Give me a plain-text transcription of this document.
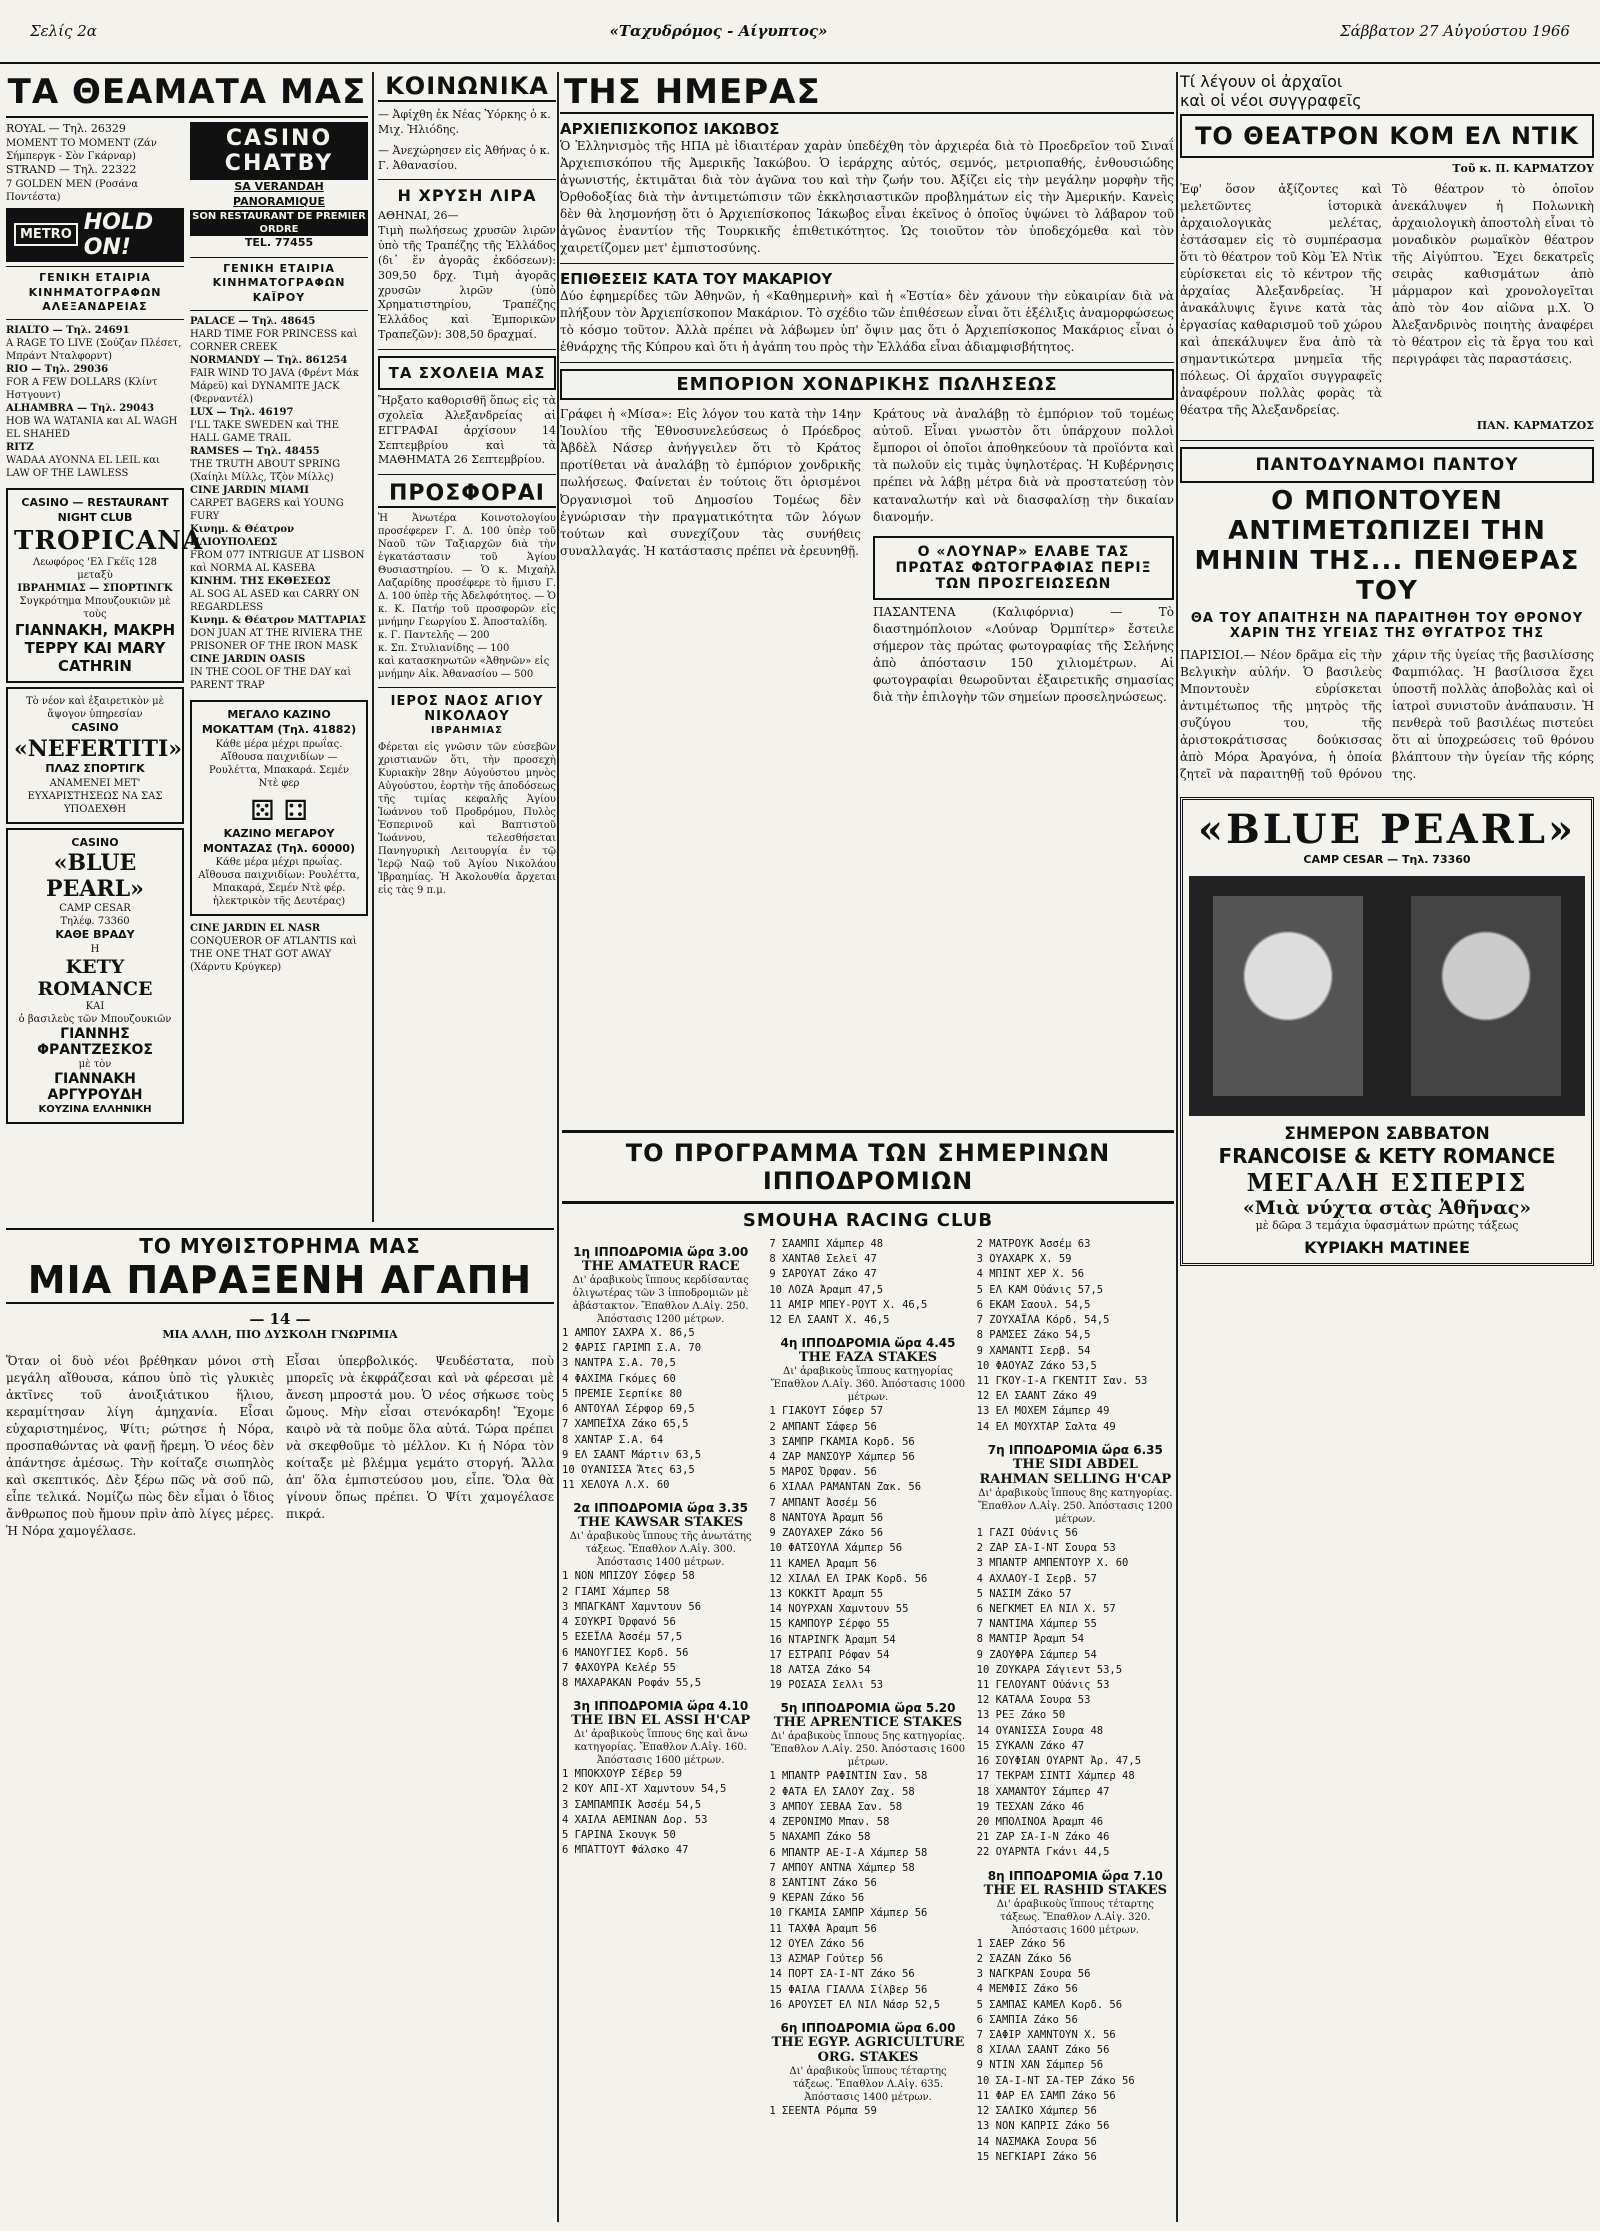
Σελίς 2α	«Ταχυδρόμος - Αίγυπτος»	Σάββατον 27 Αὐγούστου 1966
ΤΑ ΘΕΑΜΑΤΑ ΜΑΣ
ROYAL — Τηλ. 26329
MOMENT TO MOMENT (Ζάν Σήμπεργκ - Σὸν Γκάρναρ)
STRAND — Τηλ. 22322
7 GOLDEN MEN (Ροσάνα Ποντέστα)
METRO HOLD ON!
ΓΕΝΙΚΗ ΕΤΑΙΡΙΑ ΚΙΝΗΜΑΤΟΓΡΑΦΩΝ ΑΛΕΞΑΝΔΡΕΙΑΣ
RIALTO — Τηλ. 24691
A RAGE TO LIVE (Σούζαν Πλέσετ, Μπράντ Νταλφορντ)
RIO — Τηλ. 29036
FOR A FEW DOLLARS (Κλίντ Ηστγουντ)
ALHAMBRA — Τηλ. 29043
HOB WA WATANIA και AL WAGH EL SHAHED
RITZ
WADAA AYONNA EL LEIL και LAW OF THE LAWLESS
CASINO — RESTAURANT NIGHT CLUB
TROPICANA
Λεωφόρος 'Ελ Γκέϊς 128 μεταξὺ
ΙΒΡΑΗΜΙΑΣ — ΣΠΟΡΤΙΝΓΚ
Συγκρότημα Μπουζουκιῶν μὲ τοὺς
ΓΙΑΝΝΑΚΗ, ΜΑΚΡΗ ΤΕΡΡΥ ΚΑΙ MARY CATHRIN
Τὸ νέον καὶ ἐξαιρετικὸν μὲ ἄψογον ὑπηρεσίαν
CASINO
«NEFERTITI»
ΠΛΑΖ ΣΠΟΡΤΙΓΚ
ΑΝΑΜΕΝΕΙ ΜΕΤ' ΕΥΧΑΡΙΣΤΗΣΕΩΣ ΝΑ ΣΑΣ ΥΠΟΔΕΧΘΗ
CASINO
«BLUE PEARL»
CAMP CESAR
Τηλέφ. 73360
ΚΑΘΕ ΒΡΑΔΥ
Η
KETY ROMANCE
ΚΑΙ
ὁ βασιλεὺς τῶν Μπουζουκιῶν
ΓΙΑΝΝΗΣ ΦΡΑΝΤΖΕΣΚΟΣ
μὲ τὸν
ΓΙΑΝΝΑΚΗ ΑΡΓΥΡΟΥΔΗ
ΚΟΥΖΙΝΑ ΕΛΛΗΝΙΚΗ
CASINO CHATBY
SA VERANDAH PANORAMIQUE
SON RESTAURANT DE PREMIER ORDRE
TEL. 77455
ΓΕΝΙΚΗ ΕΤΑΙΡΙΑ ΚΙΝΗΜΑΤΟΓΡΑΦΩΝ ΚΑΪΡΟΥ
PALACE — Τηλ. 48645
HARD TIME FOR PRINCESS καὶ CORNER CREEK
NORMANDY — Τηλ. 861254
FAIR WIND TO JAVA (Φρέντ Μάκ Μάρεϋ) καὶ DYNAMITE JACK (Φερναντέλ)
LUX — Τηλ. 46197
I'LL TAKE SWEDEN καὶ THE HALL GAME TRAIL
RAMSES — Τηλ. 48455
THE TRUTH ABOUT SPRING (Χαίηλι Μίλλς, Τζὸν Μίλλς)
CINE JARDIN MIAMI
CARPET BAGERS καὶ YOUNG FURY
Κινημ. & Θέατρον ΗΛΙΟΥΠΟΛΕΩΣ
FROM 077 INTRIGUE AT LISBON καὶ NORMA AL KASEBA
ΚΙΝΗΜ. ΤΗΣ ΕΚΘΕΣΕΩΣ
AL SOG AL ASED και CARRY ON REGARDLESS
Κινημ. & Θέατρον ΜΑΤΤΑΡΙΑΣ
DON JUAN AT THE RIVIERA THE PRISONER OF THE IRON MASK
CINE JARDIN OASIS
IN THE COOL OF THE DAY καὶ PARENT TRAP
ΜΕΓΑΛΟ ΚΑΖΙΝΟ
ΜΟΚΑΤΤΑΜ (Τηλ. 41882)
Κάθε μέρα μέχρι πρωΐας. Αἴθουσα παιχνιδίων — Ρουλέττα, Μπακαρά. Σεμέν Ντὲ φερ
⚄ ⚃
ΚΑΖΙΝΟ ΜΕΓΑΡΟΥ
ΜΟΝΤΑΖΑΣ (Τηλ. 60000)
Κάθε μέρα μέχρι πρωΐας. Αἴθουσα παιχνιδίων: Ρουλέττα, Μπακαρά, Σεμέν Ντὲ φέρ. ἡλεκτρικὸν τῆς Δευτέρας)
CINE JARDIN EL NASR
CONQUEROR OF ATLANTIS καὶ THE ONE THAT GOT AWAY (Χάρντυ Κρύγκερ)
ΚΟΙΝΩΝΙΚΑ
— Ἀφίχθη ἐκ Νέας Ὑόρκης ὁ κ. Μιχ. Ἠλιόδης.
— Ἀνεχώρησεν εἰς Ἀθήνας ὁ κ. Γ. Ἀθανασίου.
Η ΧΡΥΣΗ ΛΙΡΑ
ΑΘΗΝΑΙ, 26—
Τιμὴ πωλήσεως χρυσῶν λιρῶν ὑπὸ τῆς Τραπέζης τῆς Ἑλλάδος (δι᾽ ἕν ἀγορᾶς ἐκδόσεων): 309,50 δρχ. Τιμὴ ἀγορᾶς χρυσῶν λιρῶν (ὑπὸ Χρηματιστηρίου, Τραπέζης Ἑλλάδος καὶ Ἐμπορικῶν Τραπεζῶν): 308,50 δραχμαί.
ΤΑ ΣΧΟΛΕΙΑ ΜΑΣ
Ἤρξατο καθορισθῆ ὅπως εἰς τὰ σχολεῖα Ἀλεξανδρείας αἱ ΕΓΓΡΑΦΑΙ ἀρχίσουν 14 Σεπτεμβρίου καὶ τὰ ΜΑΘΗΜΑΤΑ 26 Σεπτεμβρίου.
ΠΡΟΣΦΟΡΑΙ
Ἡ Ἀνωτέρα Κοινοτολογίου προσέφερεν Γ. Δ. 100 ὑπὲρ τοῦ Ναοῦ τῶν Ταξιαρχῶν διὰ τὴν ἐγκατάστασιν τοῦ Ἁγίου Θυσιαστηρίου. — Ὁ κ. Μιχαὴλ Λαζαρίδης προσέφερε τὸ ἥμισυ Γ. Δ. 100 ὑπὲρ τῆς Ἀδελφότητος. — Ὁ κ. Κ. Πατήρ τοῦ προσφορῶν εἰς μνήμην Γεωργίου Σ. Ἀποσταλίδη.
κ. Γ. Παντελῆς — 200
κ. Σπ. Στυλιανίδης — 100
καὶ κατασκηνωτῶν «Ἀθηνῶν» εἰς μνήμην Αἰκ. Ἀθανασίου — 500
ΙΕΡΟΣ ΝΑΟΣ ΑΓΙΟΥ ΝΙΚΟΛΑΟΥ
ΙΒΡΑΗΜΙΑΣ
Φέρεται εἰς γνῶσιν τῶν εὐσεβῶν χριστιανῶν ὅτι, τὴν προσεχὴ Κυριακὴν 28ην Αὐγούστου μηνὸς Αὐγούστου, ἑορτὴν τῆς ἀποδόσεως τῆς τιμίας κεφαλῆς Ἁγίου Ἰωάννου τοῦ Προδρόμου, Πυλὸς Ἑσπερινοῦ καὶ Βαπτιστοῦ Ἰωάννου, τελεσθήσεται Πανηγυρικὴ Λειτουργία ἐν τῷ Ἱερῷ Ναῷ τοῦ Ἁγίου Νικολάου Ἰβραημίας. Ἡ Ἀκολουθία ἄρχεται εἰς τὰς 9 π.μ.
ΤΗΣ ΗΜΕΡΑΣ
ΑΡΧΙΕΠΙΣΚΟΠΟΣ ΙΑΚΩΒΟΣ
Ὁ Ἑλληνισμὸς τῆς ΗΠΑ μὲ ἰδιαιτέραν χαρὰν ὑπεδέχθη τὸν ἀρχιερέα διὰ τὸ Προεδρεῖον τοῦ Σιναΐ Ἀρχιεπισκόπου τῆς Ἀμερικῆς Ἰακώβου. Ὁ ἱεράρχης αὐτός, σεμνός, μετριοπαθής, ἐνθουσιώδης ἀγωνιστής, ἐκτιμᾶται διὰ τὸν ἀγῶνα του καὶ τὴν ζωήν του. Ἀξίζει εἰς τὴν μεγάλην μορφὴν τῆς Ὀρθοδοξίας διὰ τὴν ἀντιμετώπισιν τῶν ἐκκλησιαστικῶν προβλημάτων εἰς τὴν Ἀμερικήν. Κανεὶς δὲν θὰ λησμονήσῃ ὅτι ὁ Ἀρχιεπίσκοπος Ἰάκωβος εἶναι ἐκεῖνος ὁ ὁποῖος ὑψώνει τὸ λάβαρον τοῦ ἀγῶνος ἐναντίον τῆς Τουρκικῆς ἐπιθετικότητος. Ὡς τοιοῦτον τὸν ὑποδεχόμεθα καὶ τὸν χαιρετίζομεν μετ' ἐμπιστοσύνης.
ΕΠΙΘΕΣΕΙΣ ΚΑΤΑ ΤΟΥ ΜΑΚΑΡΙΟΥ
Δύο ἐφημερίδες τῶν Ἀθηνῶν, ἡ «Καθημερινὴ» καὶ ἡ «Ἑστία» δὲν χάνουν τὴν εὐκαιρίαν διὰ νὰ πλήξουν τὸν Ἀρχιεπίσκοπον Μακάριον. Τὸ σχέδιο τῶν ἐπιθέσεων εἶναι ὅτι ἐξέλιξις ἀναμορφώσεως τὸ κόσμο τοῦτον. Ἀλλὰ πρέπει νὰ λάβωμεν ὑπ' ὄψιν μας ὅτι ὁ Ἀρχιεπίσκοπος Μακάριος εἶναι ὁ ἐθνάρχης τῆς Κύπρου καὶ ὅτι ἡ ἀγάπη του πρὸς τὴν Ἑλλάδα εἶναι ἀδιαμφισβήτητος.
ΕΜΠΟΡΙΟΝ ΧΟΝΔΡΙΚΗΣ ΠΩΛΗΣΕΩΣ
Γράφει ἡ «Μίσα»: Εἰς λόγον του κατὰ τὴν 14ην Ἰουλίου τῆς Ἐθνοσυνελεύσεως ὁ Πρόεδρος Ἀβδὲλ Νάσερ ἀνήγγειλεν ὅτι τὸ Κράτος προτίθεται νὰ ἀναλάβῃ τὸ ἐμπόριον χονδρικῆς πωλήσεως. Φαίνεται ἐν τούτοις ὅτι ὁρισμένοι Ὀργανισμοὶ τοῦ Δημοσίου Τομέως δὲν ἐγνώρισαν τὴν πραγματικότητα τῶν λόγων τούτων καὶ συνεχίζουν τὰς συνήθεις συναλλαγάς. Ἡ κατάστασις πρέπει νὰ ἐρευνηθῇ.
Κράτους νὰ ἀναλάβῃ τὸ ἐμπόριον τοῦ τομέως αὐτοῦ. Εἶναι γνωστὸν ὅτι ὑπάρχουν πολλοὶ ἔμποροι οἱ ὁποῖοι ἀποθηκεύουν τὰ προϊόντα καὶ τὰ πωλοῦν εἰς τιμὰς ὑψηλοτέρας. Ἡ Κυβέρνησις πρέπει νὰ λάβῃ μέτρα διὰ νὰ προστατεύσῃ τὸν καταναλωτήν καὶ νὰ διασφαλίσῃ τὴν δικαίαν διανομήν.
Ο «ΛΟΥΝΑΡ» ΕΛΑΒΕ ΤΑΣ ΠΡΩΤΑΣ ΦΩΤΟΓΡΑΦΙΑΣ ΠΕΡΙΞ ΤΩΝ ΠΡΟΣΓΕΙΩΣΕΩΝ
ΠΑΣΑΝΤΕΝΑ (Καλιφόρνια) — Τὸ διαστημόπλοιον «Λούναρ Ὀρμπίτερ» ἔστειλε σήμερον τὰς πρώτας φωτογραφίας τῆς Σελήνης ἀπὸ ἀπόστασιν 150 χιλιομέτρων. Αἱ φωτογραφίαι θεωροῦνται ἐξαιρετικῆς σημασίας διὰ τὴν ἐπιλογὴν τῶν σημείων προσεληνώσεως.
ΤΟ ΠΡΟΓΡΑΜΜΑ ΤΩΝ ΣΗΜΕΡΙΝΩΝ ΙΠΠΟΔΡΟΜΙΩΝ
SMOUHA RACING CLUB
1η ΙΠΠΟΔΡΟΜΙΑ ὥρα 3.00
THE AMATEUR RACE
Δι' ἀραβικοὺς ἵππους κερδίσαντας ὀλιγωτέρας τῶν 3 ἱπποδρομιῶν μὲ ἀβάστακτον. Ἔπαθλον Λ.Αἰγ. 250. Ἀπόστασις 1200 μέτρων.
1 ΑΜΠΟΥ ΣΑΧΡΑ Χ. 86,5
2 ΦΑΡΙΣ ΓΑΡΙΜΠ Σ.Α. 70
3 ΝΑΝΤΡΑ Σ.Α. 70,5
4 ΦΑΧΙΜΑ Γκόμες 60
5 ΠΡΕΜΙΕ Σερπίκε 80
6 ΑΝΤΟΥΑΛ Σέρφορ 69,5
7 ΧΑΜΠΕΪΧΑ Ζάκο 65,5
8 ΧΑΝΤΑΡ Σ.Α. 64
9 ΕΛ ΣΑΑΝΤ Μάρτιν 63,5
10 ΟΥΑΝΙΣΣΑ Ἄτες 63,5
11 ΧΕΛΟΥΑ Λ.Χ. 60
2α ΙΠΠΟΔΡΟΜΙΑ ὥρα 3.35
THE KAWSAR STAKES
Δι' ἀραβικοὺς ἵππους τῆς ἀνωτάτης τάξεως. Ἔπαθλον Λ.Αἰγ. 300. Ἀπόστασις 1400 μέτρων.
1 ΝΟΝ ΜΠΙΖΟΥ Σόφερ 58
2 ΓΙΑΜΙ Χάμπερ 58
3 ΜΠΑΓΚΑΝΤ Χαμντουν 56
4 ΣΟΥΚΡΙ Ὀρφανό 56
5 ΕΣΕΪΛΑ Ἀσσέμ 57,5
6 ΜΑΝΟΥΓΙΕΣ Κορδ. 56
7 ΦΑΧΟΥΡΑ Κελέρ 55
8 ΜΑΧΑΡΑΚΑΝ Ροφάν 55,5
3η ΙΠΠΟΔΡΟΜΙΑ ὥρα 4.10
THE IBN EL ASSI H'CAP
Δι' ἀραβικοὺς ἵππους 6ης καὶ ἄνω κατηγορίας. Ἔπαθλον Λ.Αἰγ. 160. Ἀπόστασις 1600 μέτρων.
1 ΜΠΟΚΧΟΥΡ Σέβερ 59
2 ΚΟΥ ΑΠΙ-ΧΤ Χαμντουν 54,5
3 ΣΑΜΠΑΜΠΙΚ Ἀσσέμ 54,5
4 ΧΑΙΛΑ ΑΕΜΙΝΑΝ Δορ. 53
5 ΓΑΡΙΝΑ Σκουγκ 50
6 ΜΠΑΤΤΟΥΤ Φάλσκο 47
7 ΣΑΑΜΠΙ Χάμπερ 48
8 ΧΑΝΤΑΘ Σελεϊ 47
9 ΣΑΡΟΥΑΤ Ζάκο 47
10 ΛΟΖΑ Ἀραμπ 47,5
11 ΑΜΙΡ ΜΠΕΥ-ΡΟΥΤ Χ. 46,5
12 ΕΛ ΣΑΑΝΤ Χ. 46,5
4η ΙΠΠΟΔΡΟΜΙΑ ὥρα 4.45
THE FAZA STAKES
Δι' ἀραβικοὺς ἵππους κατηγορίας Ἔπαθλον Λ.Αἰγ. 360. Ἀπόστασις 1000 μέτρων.
1 ΓΙΑΚΟΥΤ Σόφερ 57
2 ΑΜΠΑΝΤ Σάφερ 56
3 ΣΑΜΠΡ ΓΚΑΜΙΑ Κορδ. 56
4 ΖΑΡ ΜΑΝΣΟΥΡ Χάμπερ 56
5 ΜΑΡΟΣ Ὀρφαν. 56
6 ΧΙΛΑΛ ΡΑΜΑΝΤΑΝ Ζακ. 56
7 ΑΜΠΑΝΤ Ἀσσέμ 56
8 ΝΑΝΤΟΥΑ Ἀραμπ 56
9 ΖΑΟΥΑΧΕΡ Ζάκο 56
10 ΦΑΤΣΟΥΛΑ Χάμπερ 56
11 ΚΑΜΕΛ Ἀραμπ 56
12 ΧΙΛΑΛ ΕΛ ΙΡΑΚ Κορδ. 56
13 ΚΟΚΚΙΤ Ἀραμπ 55
14 ΝΟΥΡΧΑΝ Χαμντουν 55
15 ΚΑΜΠΟΥΡ Σέρφο 55
16 ΝΤΑΡΙΝΓΚ Ἀραμπ 54
17 ΕΣΤΡΑΠΙ Ρόφαν 54
18 ΛΑΤΣΑ Ζάκο 54
19 ΡΟΣΑΣΑ Σελλι 53
5η ΙΠΠΟΔΡΟΜΙΑ ὥρα 5.20
THE APRENTICE STAKES
Δι' ἀραβικοὺς ἵππους 5ης κατηγορίας. Ἔπαθλον Λ.Αἰγ. 250. Ἀπόστασις 1600 μέτρων.
1 ΜΠΑΝΤΡ ΡΑΦΙΝΤΙΝ Σαν. 58
2 ΦΑΤΑ ΕΛ ΣΑΛΟΥ Ζαχ. 58
3 ΑΜΠΟΥ ΣΕΒΑΑ Σαν. 58
4 ΖΕΡΟΝΙΜΟ Μπαν. 58
5 ΝΑΧΑΜΠ Ζάκο 58
6 ΜΠΑΝΤΡ ΑΕ-Ι-Α Χάμπερ 58
7 ΑΜΠΟΥ ΑΝΤΝΑ Χάμπερ 58
8 ΣΑΝΤΙΝΤ Ζάκο 56
9 ΚΕΡΑΝ Ζάκο 56
10 ΓΚΑΜΙΑ ΣΑΜΠΡ Χάμπερ 56
11 ΤΑΧΦΑ Ἀραμπ 56
12 ΟΥΕΛ Ζάκο 56
13 ΑΣΜΑΡ Γούτερ 56
14 ΠΟΡΤ ΣΑ-Ι-ΝΤ Ζάκο 56
15 ΦΑΙΛΑ ΓΙΑΛΛΑ Σίλβερ 56
16 ΑΡΟΥΣΕΤ ΕΛ ΝΙΛ Νάσρ 52,5
6η ΙΠΠΟΔΡΟΜΙΑ ὥρα 6.00
THE EGYP. AGRICULTURE ORG. STAKES
Δι' ἀραβικοὺς ἵππους τέταρτης τάξεως. Ἔπαθλον Λ.Αἰγ. 635. Ἀπόστασις 1400 μέτρων.
1 ΣΕΕΝΤΑ Ρόμπα 59
2 ΜΑΤΡΟΥΚ Ἀσσέμ 63
3 ΟΥΑΧΑΡΚ Χ. 59
4 ΜΠΙΝΤ ΧΕΡ Χ. 56
5 ΕΛ ΚΑΜ Οὐάνις 57,5
6 ΕΚΑΜ Σαουλ. 54,5
7 ΖΟΥΧΑΪΛΑ Κόρδ. 54,5
8 ΡΑΜΣΕΣ Ζάκο 54,5
9 ΧΑΜΑΝΤΙ Σερβ. 54
10 ΦΑΟΥΑΖ Ζάκο 53,5
11 ΓΚΟΥ-Ι-Α ΓΚΕΝΤΙΤ Σαν. 53
12 ΕΛ ΣΑΑΝΤ Ζάκο 49
13 ΕΛ ΜΟΧΕΜ Σάμπερ 49
14 ΕΛ ΜΟΥΧΤΑΡ Σαλτα 49
7η ΙΠΠΟΔΡΟΜΙΑ ὥρα 6.35
THE SIDI ABDEL RAHMAN SELLING H'CAP
Δι' ἀραβικοὺς ἵππους 8ης κατηγορίας. Ἔπαθλον Λ.Αἰγ. 250. Ἀπόστασις 1200 μέτρων.
1 ΓΑΖΙ Οὐάνις 56
2 ΖΑΡ ΣΑ-Ι-ΝΤ Σουρα 53
3 ΜΠΑΝΤΡ ΑΜΠΕΝΤΟΥΡ Χ. 60
4 ΑΧΛΑΟΥ-Ι Σερβ. 57
5 ΝΑΣΙΜ Ζάκο 57
6 ΝΕΓΚΜΕΤ ΕΛ ΝΙΛ Χ. 57
7 ΝΑΝΤΙΜΑ Χάμπερ 55
8 ΜΑΝΤΙΡ Ἀραμπ 54
9 ΖΑΟΥΦΡΑ Σάμπερ 54
10 ΖΟΥΚΑΡΑ Σάγιεντ 53,5
11 ΓΕΛΟΥΑΝΤ Οὐάνις 53
12 ΚΑΤΑΛΑ Σουρα 53
13 ΡΕΞ Ζάκο 50
14 ΟΥΑΝΙΣΣΑ Σουρα 48
15 ΣΥΚΑΛΝ Ζάκο 47
16 ΣΟΥΦΙΑΝ ΟΥΑΡΝΤ Ἀρ. 47,5
17 ΤΕΚΡΑΜ ΣΙΝΤΙ Χάμπερ 48
18 ΧΑΜΑΝΤΟΥ Σάμπερ 47
19 ΤΕΣΧΑΝ Ζάκο 46
20 ΜΠΟΛΙΝΟΑ Ἀραμπ 46
21 ΖΑΡ ΣΑ-Ι-Ν Ζάκο 46
22 ΟΥΑΡΝΤΑ Γκάνι 44,5
8η ΙΠΠΟΔΡΟΜΙΑ ὥρα 7.10
THE EL RASHID STAKES
Δι' ἀραβικοὺς ἵππους τέταρτης τάξεως. Ἔπαθλον Λ.Αἰγ. 320. Ἀπόστασις 1600 μέτρων.
1 ΣΑΕΡ Ζάκο 56
2 ΣΑΖΑΝ Ζάκο 56
3 ΝΑΓΚΡΑΝ Σουρα 56
4 ΜΕΜΦΙΣ Ζάκο 56
5 ΣΑΜΠΑΣ ΚΑΜΕΛ Κορδ. 56
6 ΣΑΜΠΙΑ Ζάκο 56
7 ΣΑΦΙΡ ΧΑΜΝΤΟΥΝ Χ. 56
8 ΧΙΛΑΛ ΣΑΑΝΤ Ζάκο 56
9 ΝΤΙΝ ΧΑΝ Σάμπερ 56
10 ΣΑ-Ι-ΝΤ ΣΑ-ΤΕΡ Ζάκο 56
11 ΦΑΡ ΕΛ ΣΑΜΠ Ζάκο 56
12 ΣΑΛΙΚΟ Χάμπερ 56
13 ΝΟΝ ΚΑΠΡΙΣ Ζάκο 56
14 ΝΑΣΜΑΚΑ Σουρα 56
15 ΝΕΓΚΙΑΡΙ Ζάκο 56
Τί λέγουν οἱ ἀρχαῖοι
καὶ οἱ νέοι συγγραφεῖς
ΤΟ ΘΕΑΤΡΟΝ ΚΟΜ ΕΛ ΝΤΙΚ
Τοῦ κ. Π. ΚΑΡΜΑΤΖΟΥ
Ἐφ' ὅσον ἀξίζοντες καὶ μελετῶντες ἱστορικὰ ἀρχαιολογικὰς μελέτας, ἐστάσαμεν εἰς τὸ συμπέρασμα ὅτι τὸ θέατρον τοῦ Κὸμ Ἐλ Ντὶκ εὑρίσκεται εἰς τὸ κέντρον τῆς ἀρχαίας Ἀλεξανδρείας. Ἡ ἀνακάλυψις ἔγινε κατὰ τὰς ἐργασίας καθαρισμοῦ τοῦ χώρου καὶ ἀπεκάλυψεν ἕνα ἀπὸ τὰ σημαντικώτερα μνημεῖα τῆς πόλεως. Οἱ ἀρχαῖοι συγγραφεῖς ἀναφέρουν πολλὰς φορὰς τὰ θέατρα τῆς Ἀλεξανδρείας.
Τὸ θέατρον τὸ ὁποῖον ἀνεκάλυψεν ἡ Πολωνικὴ ἀρχαιολογικὴ ἀποστολὴ εἶναι τὸ μοναδικὸν ρωμαϊκὸν θέατρον τῆς Αἰγύπτου. Ἔχει δεκατρεῖς σειρὰς καθισμάτων ἀπὸ μάρμαρον καὶ χρονολογεῖται ἀπὸ τὸν 4ον αἰῶνα μ.Χ. Ὁ Ἀλεξανδρινὸς ποιητὴς ἀναφέρει τὸ θέατρον εἰς τὰ ἔργα του καὶ περιγράφει τὰς παραστάσεις.
ΠΑΝ. ΚΑΡΜΑΤΖΟΣ
ΠΑΝΤΟΔΥΝΑΜΟΙ ΠΑΝΤΟΥ
Ο ΜΠΟΝΤΟΥΕΝ ΑΝΤΙΜΕΤΩΠΙΖΕΙ ΤΗΝ ΜΗΝΙΝ ΤΗΣ... ΠΕΝΘΕΡΑΣ ΤΟΥ
ΘΑ ΤΟΥ ΑΠΑΙΤΗΣΗ ΝΑ ΠΑΡΑΙΤΗΘΗ ΤΟΥ ΘΡΟΝΟΥ ΧΑΡΙΝ ΤΗΣ ΥΓΕΙΑΣ ΤΗΣ ΘΥΓΑΤΡΟΣ ΤΗΣ
ΠΑΡΙΣΙΟΙ.— Νέον δρᾶμα εἰς τὴν Βελγικὴν αὐλήν. Ὁ βασιλεὺς Μποντουὲν εὑρίσκεται ἀντιμέτωπος τῆς μητρὸς τῆς συζύγου του, τῆς ἀριστοκράτισσας δούκισσας ἀπὸ Μόρα Ἀραγόνα, ἡ ὁποία ζητεῖ νὰ παραιτηθῇ τοῦ θρόνου χάριν τῆς ὑγείας τῆς βασιλίσσης Φαμπιόλας. Ἡ βασίλισσα ἔχει ὑποστῆ πολλὰς ἀποβολὰς καὶ οἱ ἰατροὶ συνιστοῦν ἀνάπαυσιν. Ἡ πενθερὰ τοῦ βασιλέως πιστεύει ὅτι αἱ ὑποχρεώσεις τοῦ θρόνου βλάπτουν τὴν ὑγείαν τῆς κόρης της.
«BLUE PEARL»
CAMP CESAR — Τηλ. 73360
ΣΗΜΕΡΟΝ ΣΑΒΒΑΤΟΝ
FRANCOISE & KETY ROMANCE
ΜΕΓΑΛΗ ΕΣΠΕΡΙΣ
«Μιὰ νύχτα στὰς Ἀθῆνας»
μὲ δῶρα 3 τεμάχια ὑφασμάτων πρώτης τάξεως
ΚΥΡΙΑΚΗ ΜΑΤΙΝΕΕ
ΤΟ ΜΥΘΙΣΤΟΡΗΜΑ ΜΑΣ
ΜΙΑ ΠΑΡΑΞΕΝΗ ΑΓΑΠΗ
— 14 —
ΜΙΑ ΑΛΛΗ, ΠΙΟ ΔΥΣΚΟΛΗ ΓΝΩΡΙΜΙΑ
Ὅταν οἱ δυὸ νέοι βρέθηκαν μόνοι στὴ μεγάλη αἴθουσα, κάπου ὑπὸ τὶς γλυκιὲς ἀκτῖνες τοῦ ἀνοιξιάτικου ἥλιου, κεραμίτησαν λίγη ἀμηχανία. Εἶσαι εὐχαριστημένος, Ψίτι; ρώτησε ἡ Νόρα, προσπαθώντας νὰ φανῇ ἤρεμη. Ὁ νέος δὲν ἀπάντησε ἀμέσως. Τὴν κοίταζε σιωπηλὸς καὶ σκεπτικός. Δὲν ξέρω πῶς νὰ σοῦ πῶ, εἶπε τελικά. Νομίζω πὼς δὲν εἶμαι ὁ ἴδιος ἄνθρωπος ποὺ ἤμουν πρὶν ἀπὸ λίγες μέρες. Ἡ Νόρα χαμογέλασε.
Εἶσαι ὑπερβολικός. Ψευδέστατα, ποὺ μπορεῖς νὰ ἐκφράζεσαι καὶ νὰ φέρεσαι μὲ ἄνεση μπροστά μου. Ὁ νέος σήκωσε τοὺς ὤμους. Μὴν εἶσαι στενόκαρδη! Ἔχομε καιρὸ νὰ τὰ ποῦμε ὅλα αὐτά. Τώρα πρέπει νὰ σκεφθοῦμε τὸ μέλλον. Κι ἡ Νόρα τὸν κοίταξε μὲ βλέμμα γεμάτο στοργή. Ἄλλα ἀπ' ὅλα ἐμπιστεύσου μου, εἶπε. Ὅλα θὰ γίνουν ὅπως πρέπει. Ὁ Ψίτι χαμογέλασε πικρά.
